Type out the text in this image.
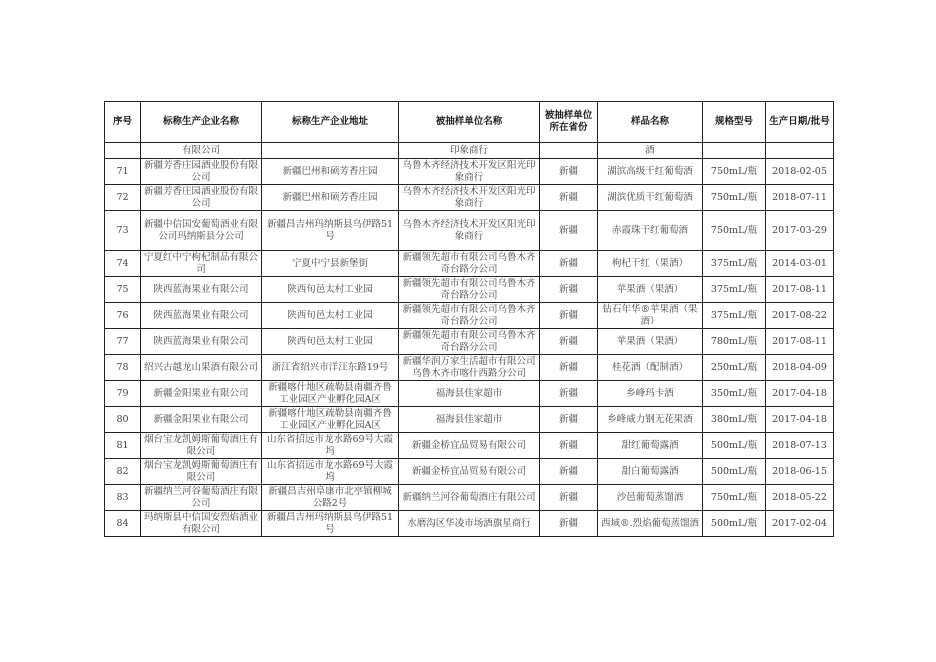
序号	标称生产企业名称	标称生产企业地址	被抽样单位名称	被抽样单位所在省份	样品名称	规格型号	生产日期/批号
	有限公司		印象商行		酒		
71	新疆芳香庄园酒业股份有限公司	新疆巴州和硕芳香庄园	乌鲁木齐经济技术开发区阳光印象商行	新疆	湖滨高级干红葡萄酒	750mL/瓶	2018-02-05
72	新疆芳香庄园酒业股份有限公司	新疆巴州和硕芳香庄园	乌鲁木齐经济技术开发区阳光印象商行	新疆	湖滨优质干红葡萄酒	750mL/瓶	2018-07-11
73	新疆中信国安葡萄酒业有限公司玛纳斯县分公司	新疆昌吉州玛纳斯县乌伊路51号	乌鲁木齐经济技术开发区阳光印象商行	新疆	赤霞珠干红葡萄酒	750mL/瓶	2017-03-29
74	宁夏红中宁枸杞制品有限公司	宁夏中宁县新堡街	新疆领先超市有限公司乌鲁木齐奇台路分公司	新疆	枸杞干红（果酒）	375mL/瓶	2014-03-01
75	陕西蓝海果业有限公司	陕西旬邑太村工业园	新疆领先超市有限公司乌鲁木齐奇台路分公司	新疆	苹果酒（果酒）	375mL/瓶	2017-08-11
76	陕西蓝海果业有限公司	陕西旬邑太村工业园	新疆领先超市有限公司乌鲁木齐奇台路分公司	新疆	钻石年华®苹果酒（果酒）	375mL/瓶	2017-08-22
77	陕西蓝海果业有限公司	陕西旬邑太村工业园	新疆领先超市有限公司乌鲁木齐奇台路分公司	新疆	苹果酒（果酒）	780mL/瓶	2017-08-11
78	绍兴古越龙山果酒有限公司	浙江省绍兴市洋江东路19号	新疆华润万家生活超市有限公司乌鲁木齐市喀什西路分公司	新疆	桂花酒（配制酒）	250mL/瓶	2018-04-09
79	新疆金阳果业有限公司	新疆喀什地区疏勒县南疆齐鲁工业园区产业孵化园A区	福海县佳家超市	新疆	乡峰玛卡酒	350mL/瓶	2017-04-18
80	新疆金阳果业有限公司	新疆喀什地区疏勒县南疆齐鲁工业园区产业孵化园A区	福海县佳家超市	新疆	乡峰威力钢无花果酒	380mL/瓶	2017-04-18
81	烟台宝龙凯姆斯葡萄酒庄有限公司	山东省招远市龙水路69号大霞坞	新疆金桥宜品贸易有限公司	新疆	甜红葡萄露酒	500mL/瓶	2018-07-13
82	烟台宝龙凯姆斯葡萄酒庄有限公司	山东省招远市龙水路69号大霞坞	新疆金桥宜品贸易有限公司	新疆	甜白葡萄露酒	500mL/瓶	2018-06-15
83	新疆纳兰河谷葡萄酒庄有限公司	新疆昌吉州阜康市北亭镇柳城公路2号	新疆纳兰河谷葡萄酒庄有限公司	新疆	沙邑葡萄蒸馏酒	750mL/瓶	2018-05-22
84	玛纳斯县中信国安烈焰酒业有限公司	新疆昌吉州玛纳斯县乌伊路51号	水磨沟区华凌市场酒旗星商行	新疆	西域®.烈焰葡萄蒸馏酒	500mL/瓶	2017-02-04
